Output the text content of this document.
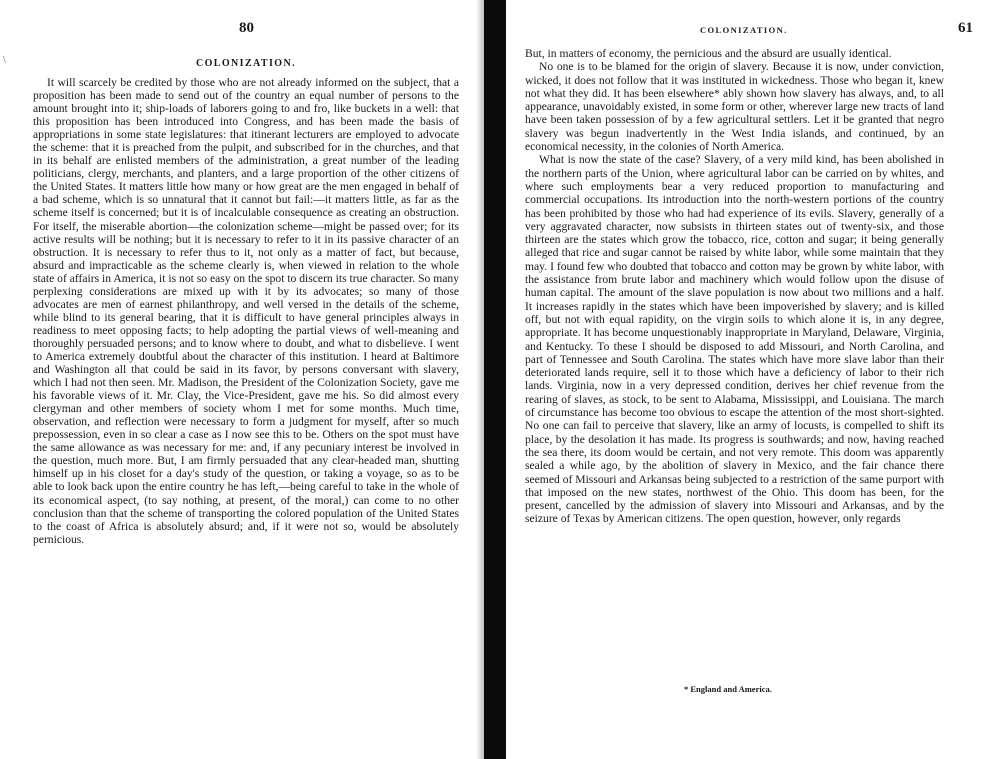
\
80
COLONIZATION.

It will scarcely be credited by those who are not already informed on the subject, that a proposition has been made to send out of the country an equal number of persons to the amount brought into it; ship-loads of laborers going to and fro, like buckets in a well: that this proposition has been introduced into Congress, and has been made the basis of appropriations in some state legislatures: that itinerant lecturers are employed to advocate the scheme: that it is preached from the pulpit, and subscribed for in the churches, and that in its behalf are enlisted members of the administration, a great number of the leading politicians, clergy, merchants, and planters, and a large proportion of the other citizens of the United States. It matters little how many or how great are the men engaged in behalf of a bad scheme, which is so unnatural that it cannot but fail:—it matters little, as far as the scheme itself is concerned; but it is of incalculable consequence as creating an obstruction. For itself, the miserable abortion—the colonization scheme—might be passed over; for its active results will be nothing; but it is necessary to refer to it in its passive character of an obstruction. It is necessary to refer thus to it, not only as a matter of fact, but because, absurd and impracticable as the scheme clearly is, when viewed in relation to the whole state of affairs in America, it is not so easy on the spot to discern its true character. So many perplexing considerations are mixed up with it by its advocates; so many of those advocates are men of earnest philanthropy, and well versed in the details of the scheme, while blind to its general bearing, that it is difficult to have general principles always in readiness to meet opposing facts; to help adopting the partial views of well-meaning and thoroughly persuaded persons; and to know where to doubt, and what to disbelieve. I went to America extremely doubtful about the character of this institution. I heard at Baltimore and Washington all that could be said in its favor, by persons conversant with slavery, which I had not then seen. Mr. Madison, the President of the Colonization Society, gave me his favorable views of it. Mr. Clay, the Vice-President, gave me his. So did almost every clergyman and other members of society whom I met for some months. Much time, observation, and reflection were necessary to form a judgment for myself, after so much prepossession, even in so clear a case as I now see this to be. Others on the spot must have the same allowance as was necessary for me: and, if any pecuniary interest be involved in the question, much more. But, I am firmly persuaded that any clear-headed man, shutting himself up in his closet for a day's study of the question, or taking a voyage, so as to be able to look back upon the entire country he has left,—being careful to take in the whole of its economical aspect, (to say nothing, at present, of the moral,) can come to no other conclusion than that the scheme of transporting the colored population of the United States to the coast of Africa is absolutely absurd; and, if it were not so, would be absolutely pernicious.

COLONIZATION.	61

But, in matters of economy, the pernicious and the absurd are usually identical.

No one is to be blamed for the origin of slavery. Because it is now, under conviction, wicked, it does not follow that it was instituted in wickedness. Those who began it, knew not what they did. It has been elsewhere* ably shown how slavery has always, and, to all appearance, unavoidably existed, in some form or other, wherever large new tracts of land have been taken possession of by a few agricultural settlers. Let it be granted that negro slavery was begun inadvertently in the West India islands, and continued, by an economical necessity, in the colonies of North America.

What is now the state of the case? Slavery, of a very mild kind, has been abolished in the northern parts of the Union, where agricultural labor can be carried on by whites, and where such employments bear a very reduced proportion to manufacturing and commercial occupations. Its introduction into the north-western portions of the country has been prohibited by those who had had experience of its evils. Slavery, generally of a very aggravated character, now subsists in thirteen states out of twenty-six, and those thirteen are the states which grow the tobacco, rice, cotton and sugar; it being generally alleged that rice and sugar cannot be raised by white labor, while some maintain that they may. I found few who doubted that tobacco and cotton may be grown by white labor, with the assistance from brute labor and machinery which would follow upon the disuse of human capital. The amount of the slave population is now about two millions and a half. It increases rapidly in the states which have been impoverished by slavery; and is killed off, but not with equal rapidity, on the virgin soils to which alone it is, in any degree, appropriate. It has become unquestionably inappropriate in Maryland, Delaware, Virginia, and Kentucky. To these I should be disposed to add Missouri, and North Carolina, and part of Tennessee and South Carolina. The states which have more slave labor than their deteriorated lands require, sell it to those which have a deficiency of labor to their rich lands. Virginia, now in a very depressed condition, derives her chief revenue from the rearing of slaves, as stock, to be sent to Alabama, Mississippi, and Louisiana. The march of circumstance has become too obvious to escape the attention of the most short-sighted. No one can fail to perceive that slavery, like an army of locusts, is compelled to shift its place, by the desolation it has made. Its progress is southwards; and now, having reached the sea there, its doom would be certain, and not very remote. This doom was apparently sealed a while ago, by the abolition of slavery in Mexico, and the fair chance there seemed of Missouri and Arkansas being subjected to a restriction of the same purport with that imposed on the new states, northwest of the Ohio. This doom has been, for the present, cancelled by the admission of slavery into Missouri and Arkansas, and by the seizure of Texas by American citizens. The open question, however, only regards

* England and America.
